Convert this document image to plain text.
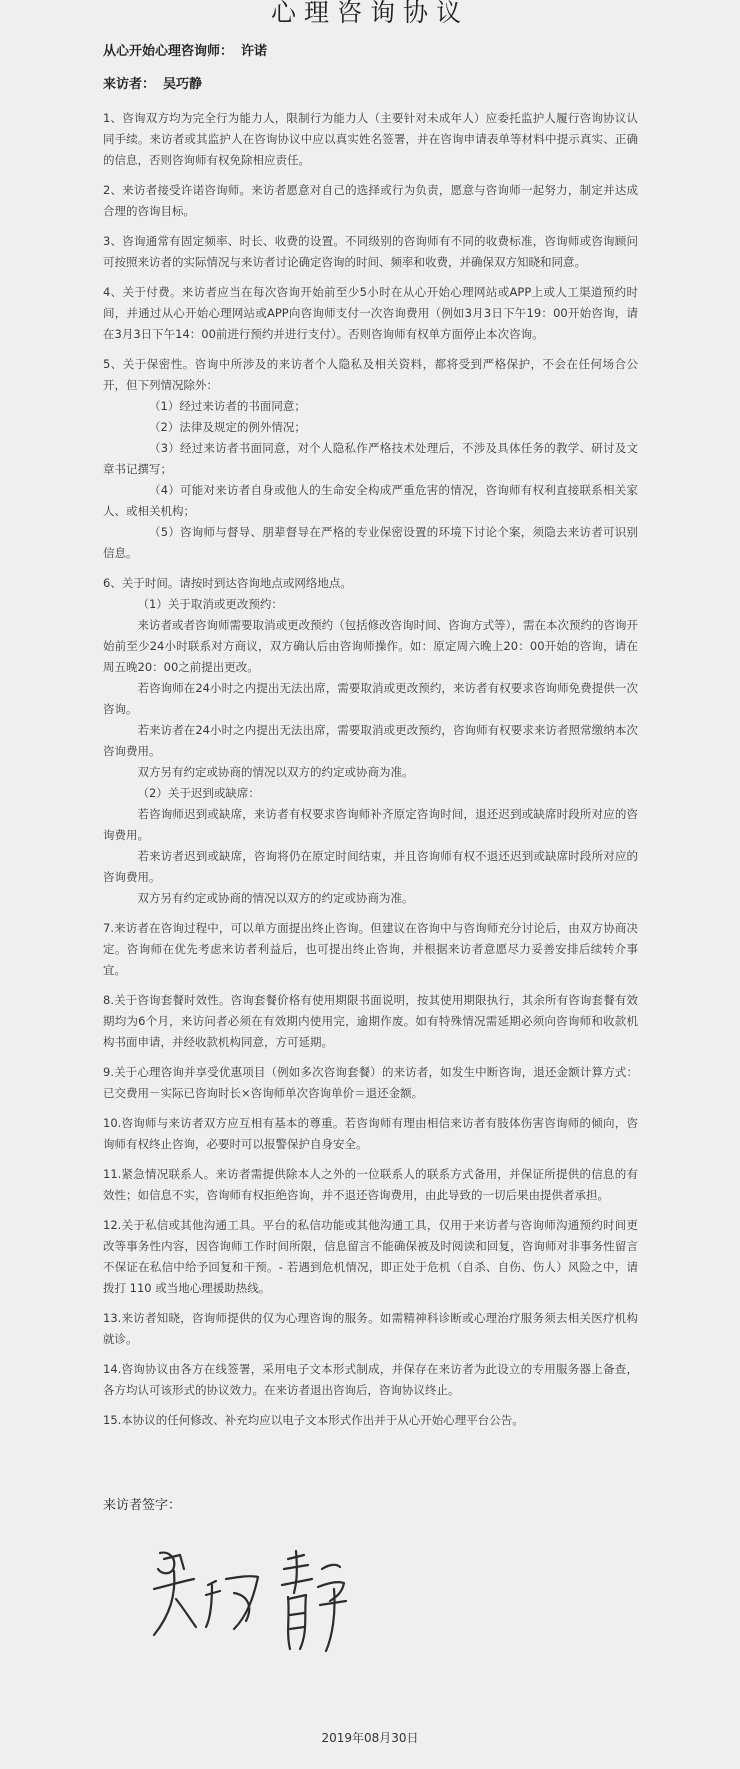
心理咨询协议
从心开始心理咨询师： 许诺
来访者： 吴巧静

1、咨询双方均为完全行为能力人，限制行为能力人（主要针对未成年人）应委托监护人履行咨询协议认同手续。来访者或其监护人在咨询协议中应以真实姓名签署，并在咨询申请表单等材料中提示真实、正确的信息，否则咨询师有权免除相应责任。

2、来访者接受许诺咨询师。来访者愿意对自己的选择或行为负责，愿意与咨询师一起努力，制定并达成合理的咨询目标。

3、咨询通常有固定频率、时长、收费的设置。不同级别的咨询师有不同的收费标准，咨询师或咨询顾问可按照来访者的实际情况与来访者讨论确定咨询的时间、频率和收费，并确保双方知晓和同意。

4、关于付费。来访者应当在每次咨询开始前至少5小时在从心开始心理网站或APP上或人工渠道预约时间，并通过从心开始心理网站或APP向咨询师支付一次咨询费用（例如3月3日下午19：00开始咨询，请在3月3日下午14：00前进行预约并进行支付）。否则咨询师有权单方面停止本次咨询。

5、关于保密性。咨询中所涉及的来访者个人隐私及相关资料，都将受到严格保护，不会在任何场合公开，但下列情况除外：

（1）经过来访者的书面同意；

（2）法律及规定的例外情况；

（3）经过来访者书面同意，对个人隐私作严格技术处理后，不涉及具体任务的教学、研讨及文章书记撰写；

（4）可能对来访者自身或他人的生命安全构成严重危害的情况，咨询师有权利直接联系相关家人、或相关机构；

（5）咨询师与督导、朋辈督导在严格的专业保密设置的环境下讨论个案，须隐去来访者可识别信息。

6、关于时间。请按时到达咨询地点或网络地点。

（1）关于取消或更改预约：

来访者或者咨询师需要取消或更改预约（包括修改咨询时间、咨询方式等），需在本次预约的咨询开始前至少24小时联系对方商议，双方确认后由咨询师操作。如：原定周六晚上20：00开始的咨询，请在周五晚20：00之前提出更改。

若咨询师在24小时之内提出无法出席，需要取消或更改预约，来访者有权要求咨询师免费提供一次咨询。

若来访者在24小时之内提出无法出席，需要取消或更改预约，咨询师有权要求来访者照常缴纳本次咨询费用。

双方另有约定或协商的情况以双方的约定或协商为准。

（2）关于迟到或缺席：

若咨询师迟到或缺席，来访者有权要求咨询师补齐原定咨询时间，退还迟到或缺席时段所对应的咨询费用。

若来访者迟到或缺席，咨询将仍在原定时间结束，并且咨询师有权不退还迟到或缺席时段所对应的咨询费用。

双方另有约定或协商的情况以双方的约定或协商为准。

7.来访者在咨询过程中，可以单方面提出终止咨询。但建议在咨询中与咨询师充分讨论后，由双方协商决定。咨询师在优先考虑来访者利益后，也可提出终止咨询，并根据来访者意愿尽力妥善安排后续转介事宜。

8.关于咨询套餐时效性。咨询套餐价格有使用期限书面说明，按其使用期限执行，其余所有咨询套餐有效期均为6个月，来访问者必须在有效期内使用完，逾期作废。如有特殊情况需延期必须向咨询师和收款机构书面申请，并经收款机构同意，方可延期。

9.关于心理咨询并享受优惠项目（例如多次咨询套餐）的来访者，如发生中断咨询，退还金额计算方式：已交费用－实际已咨询时长×咨询师单次咨询单价＝退还金额。

10.咨询师与来访者双方应互相有基本的尊重。若咨询师有理由相信来访者有肢体伤害咨询师的倾向，咨询师有权终止咨询，必要时可以报警保护自身安全。

11.紧急情况联系人。来访者需提供除本人之外的一位联系人的联系方式备用，并保证所提供的信息的有效性；如信息不实，咨询师有权拒绝咨询，并不退还咨询费用，由此导致的一切后果由提供者承担。

12.关于私信或其他沟通工具。平台的私信功能或其他沟通工具，仅用于来访者与咨询师沟通预约时间更改等事务性内容，因咨询师工作时间所限，信息留言不能确保被及时阅读和回复，咨询师对非事务性留言不保证在私信中给予回复和干预。- 若遇到危机情况，即正处于危机（自杀、自伤、伤人）风险之中，请拨打 110 或当地心理援助热线。

13.来访者知晓，咨询师提供的仅为心理咨询的服务。如需精神科诊断或心理治疗服务须去相关医疗机构就诊。

14.咨询协议由各方在线签署，采用电子文本形式制成，并保存在来访者为此设立的专用服务器上备查，各方均认可该形式的协议效力。在来访者退出咨询后，咨询协议终止。

15.本协议的任何修改、补充均应以电子文本形式作出并于从心开始心理平台公告。

来访者签字：
2019年08月30日
